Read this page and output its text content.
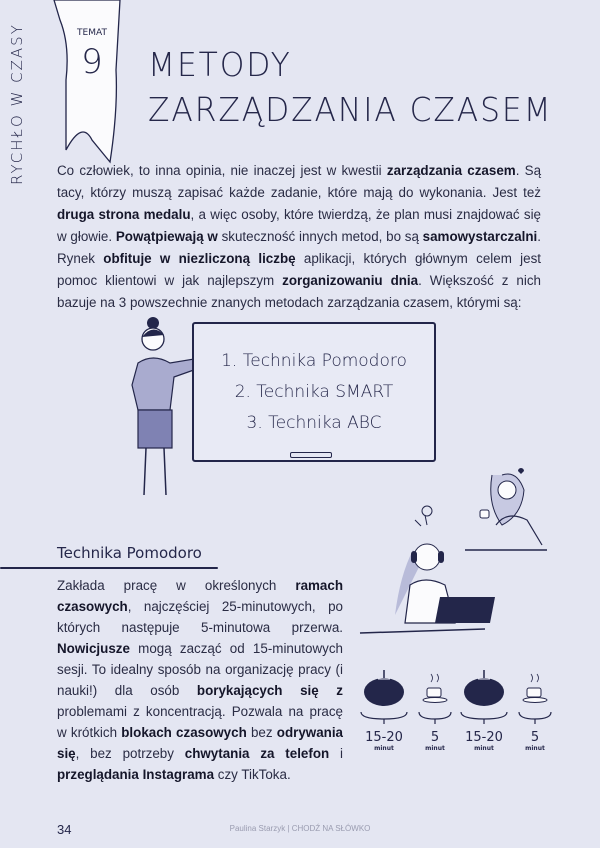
RYCHŁO W CZASY	TEMAT
9 METODY
ZARZĄDZANIA CZASEM
Co człowiek, to inna opinia, nie inaczej jest w kwestii zarządzania czasem. Są tacy, którzy muszą zapisać każde zadanie, które mają do wykonania. Jest też druga strona medalu, a więc osoby, które twierdzą, że plan musi znajdować się w głowie. Powątpiewają w skuteczność innych metod, bo są samowystarczalni. Rynek obfituje w niezliczoną liczbę aplikacji, których głównym celem jest pomoc klientowi w jak najlepszym zorganizowaniu dnia. Większość z nich bazuje na 3 powszechnie znanych metodach zarządzania czasem, którymi są:
1. Technika Pomodoro
2. Technika SMART
3. Technika ABC
Technika Pomodoro
Zakłada pracę w określonych ramach czasowych, najczęściej 25-minutowych, po których następuje 5-minutowa przerwa. Nowicjusze mogą zacząć od 15-minutowych sesji. To idealny sposób na organizację pracy (i nauki!) dla osób borykających się z problemami z koncentracją. Pozwala na pracę w krótkich blokach czasowych bez odrywania się, bez potrzeby chwytania za telefon i przeglądania Instagrama czy TikToka.
15-20
minut
5
minut
15-20
minut
5
minut
34	Paulina Starzyk | CHODŹ NA SŁÓWKO
